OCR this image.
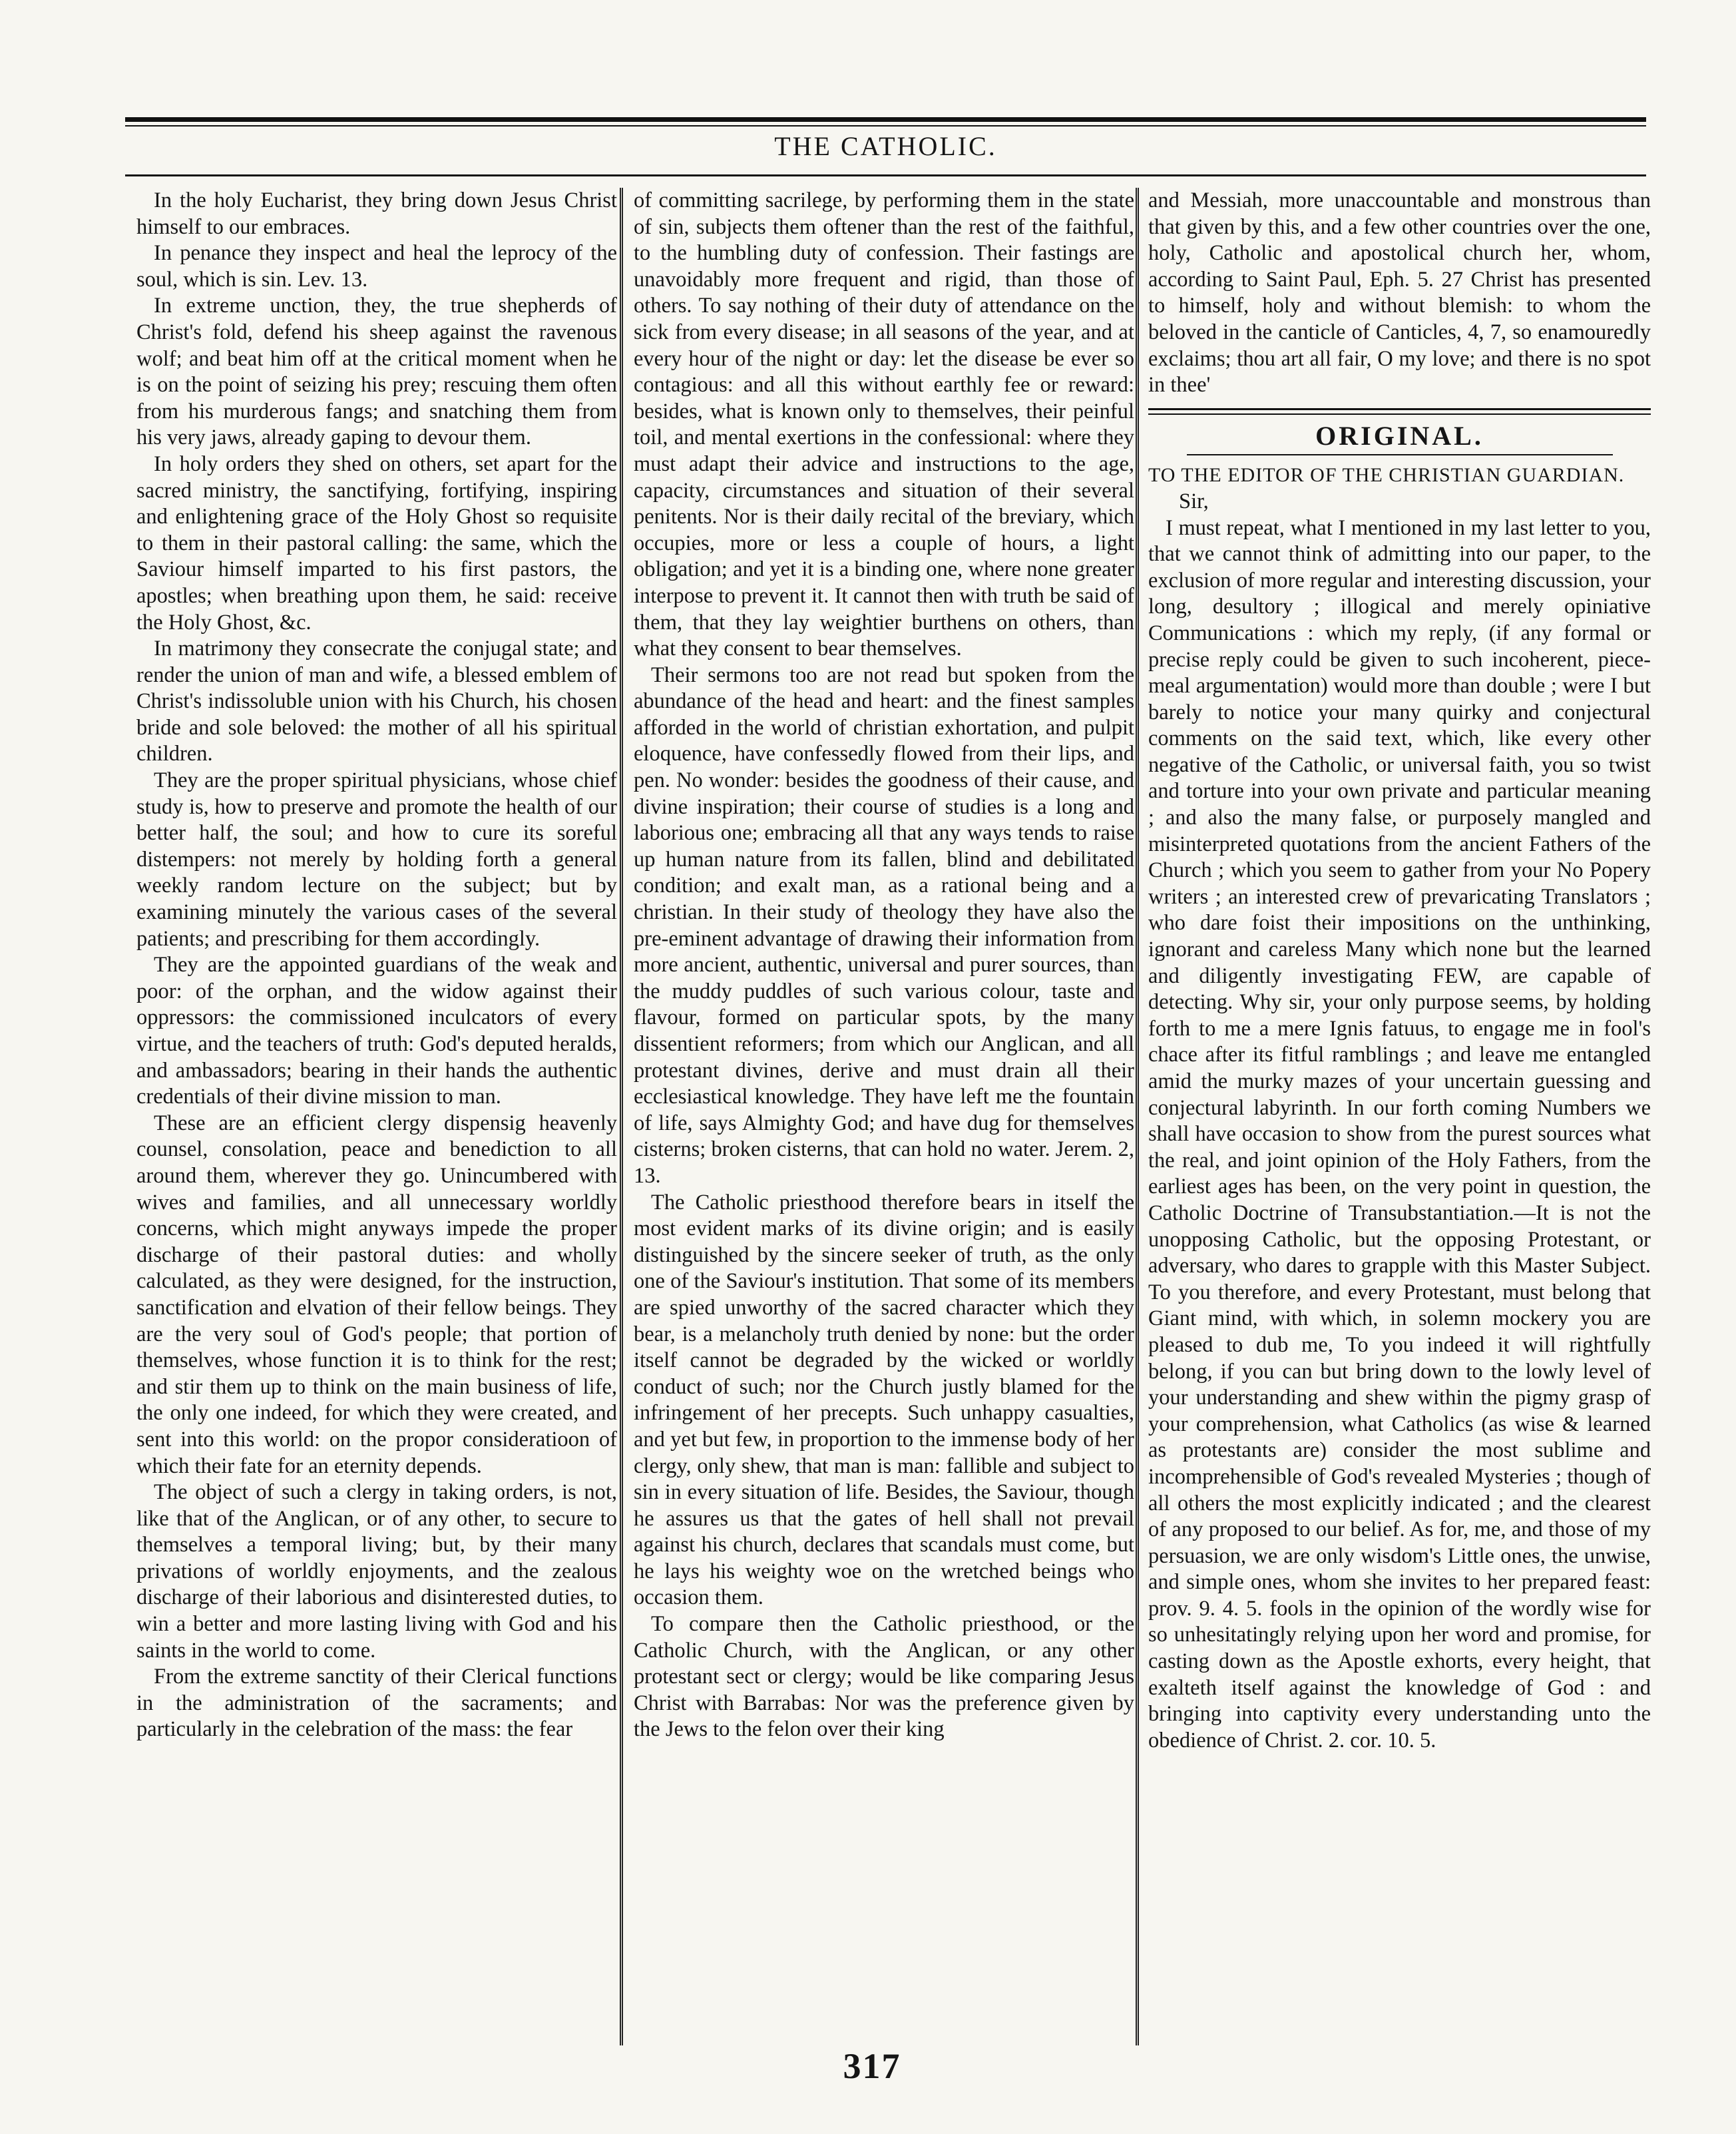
THE CATHOLIC.

In the holy Eucharist, they bring down Jesus Christ himself to our embraces.

In penance they inspect and heal the leprocy of the soul, which is sin. Lev. 13.

In extreme unction, they, the true shepherds of Christ's fold, defend his sheep against the ravenous wolf; and beat him off at the critical moment when he is on the point of seizing his prey; rescuing them often from his murderous fangs; and snatching them from his very jaws, already gaping to devour them.

In holy orders they shed on others, set apart for the sacred ministry, the sanctifying, fortifying, inspiring and enlightening grace of the Holy Ghost so requisite to them in their pastoral calling: the same, which the Saviour himself imparted to his first pastors, the apostles; when breathing upon them, he said: receive the Holy Ghost, &c.

In matrimony they consecrate the conjugal state; and render the union of man and wife, a blessed emblem of Christ's indissoluble union with his Church, his chosen bride and sole beloved: the mother of all his spiritual children.

They are the proper spiritual physicians, whose chief study is, how to preserve and promote the health of our better half, the soul; and how to cure its soreful distempers: not merely by holding forth a general weekly random lecture on the subject; but by examining minutely the various cases of the several patients; and prescribing for them accordingly.

They are the appointed guardians of the weak and poor: of the orphan, and the widow against their oppressors: the commissioned inculcators of every virtue, and the teachers of truth: God's deputed heralds, and ambassadors; bearing in their hands the authentic credentials of their divine mission to man.

These are an efficient clergy dispensig heavenly counsel, consolation, peace and benediction to all around them, wherever they go. Unincumbered with wives and families, and all unnecessary worldly concerns, which might anyways impede the proper discharge of their pastoral duties: and wholly calculated, as they were designed, for the instruction, sanctification and elvation of their fellow beings. They are the very soul of God's people; that portion of themselves, whose function it is to think for the rest; and stir them up to think on the main business of life, the only one indeed, for which they were created, and sent into this world: on the propor consideratioon of which their fate for an eternity depends.

The object of such a clergy in taking orders, is not, like that of the Anglican, or of any other, to secure to themselves a temporal living; but, by their many privations of worldly enjoyments, and the zealous discharge of their laborious and disinterested duties, to win a better and more lasting living with God and his saints in the world to come.

From the extreme sanctity of their Clerical functions in the administration of the sacraments; and particularly in the celebration of the mass: the fear

of committing sacrilege, by performing them in the state of sin, subjects them oftener than the rest of the faithful, to the humbling duty of confession. Their fastings are unavoidably more frequent and rigid, than those of others. To say nothing of their duty of attendance on the sick from every disease; in all seasons of the year, and at every hour of the night or day: let the disease be ever so contagious: and all this without earthly fee or reward: besides, what is known only to themselves, their peinful toil, and mental exertions in the confessional: where they must adapt their advice and instructions to the age, capacity, circumstances and situation of their several penitents. Nor is their daily recital of the breviary, which occupies, more or less a couple of hours, a light obligation; and yet it is a binding one, where none greater interpose to prevent it. It cannot then with truth be said of them, that they lay weightier burthens on others, than what they consent to bear themselves.

Their sermons too are not read but spoken from the abundance of the head and heart: and the finest samples afforded in the world of christian exhortation, and pulpit eloquence, have confessedly flowed from their lips, and pen. No wonder: besides the goodness of their cause, and divine inspiration; their course of studies is a long and laborious one; embracing all that any ways tends to raise up human nature from its fallen, blind and debilitated condition; and exalt man, as a rational being and a christian. In their study of theology they have also the pre-eminent advantage of drawing their information from more ancient, authentic, universal and purer sources, than the muddy puddles of such various colour, taste and flavour, formed on particular spots, by the many dissentient reformers; from which our Anglican, and all protestant divines, derive and must drain all their ecclesiastical knowledge. They have left me the fountain of life, says Almighty God; and have dug for themselves cisterns; broken cisterns, that can hold no water. Jerem. 2, 13.

The Catholic priesthood therefore bears in itself the most evident marks of its divine origin; and is easily distinguished by the sincere seeker of truth, as the only one of the Saviour's institution. That some of its members are spied unworthy of the sacred character which they bear, is a melancholy truth denied by none: but the order itself cannot be degraded by the wicked or worldly conduct of such; nor the Church justly blamed for the infringement of her precepts. Such unhappy casualties, and yet but few, in proportion to the immense body of her clergy, only shew, that man is man: fallible and subject to sin in every situation of life. Besides, the Saviour, though he assures us that the gates of hell shall not prevail against his church, declares that scandals must come, but he lays his weighty woe on the wretched beings who occasion them.

To compare then the Catholic priesthood, or the Catholic Church, with the Anglican, or any other protestant sect or clergy; would be like comparing Jesus Christ with Barrabas: Nor was the preference given by the Jews to the felon over their king

and Messiah, more unaccountable and monstrous than that given by this, and a few other countries over the one, holy, Catholic and apostolical church her, whom, according to Saint Paul, Eph. 5. 27 Christ has presented to himself, holy and without blemish: to whom the beloved in the canticle of Canticles, 4, 7, so enamouredly exclaims; thou art all fair, O my love; and there is no spot in thee'

ORIGINAL.

TO THE EDITOR OF THE CHRISTIAN GUARDIAN.

Sir,

I must repeat, what I mentioned in my last letter to you, that we cannot think of admitting into our paper, to the exclusion of more regular and interesting discussion, your long, desultory ; illogical and merely opiniative Communications : which my reply, (if any formal or precise reply could be given to such incoherent, piece-meal argumentation) would more than double ; were I but barely to notice your many quirky and conjectural comments on the said text, which, like every other negative of the Catholic, or universal faith, you so twist and torture into your own private and particular meaning ; and also the many false, or purposely mangled and misinterpreted quotations from the ancient Fathers of the Church ; which you seem to gather from your No Popery writers ; an interested crew of prevaricating Translators ; who dare foist their impositions on the unthinking, ignorant and careless Many which none but the learned and diligently investigating FEW, are capable of detecting. Why sir, your only purpose seems, by holding forth to me a mere Ignis fatuus, to engage me in fool's chace after its fitful ramblings ; and leave me entangled amid the murky mazes of your uncertain guessing and conjectural labyrinth. In our forth coming Numbers we shall have occasion to show from the purest sources what the real, and joint opinion of the Holy Fathers, from the earliest ages has been, on the very point in question, the Catholic Doctrine of Transubstantiation.—It is not the unopposing Catholic, but the opposing Protestant, or adversary, who dares to grapple with this Master Subject. To you therefore, and every Protestant, must belong that Giant mind, with which, in solemn mockery you are pleased to dub me, To you indeed it will rightfully belong, if you can but bring down to the lowly level of your understanding and shew within the pigmy grasp of your comprehension, what Catholics (as wise & learned as protestants are) consider the most sublime and incomprehensible of God's revealed Mysteries ; though of all others the most explicitly indicated ; and the clearest of any proposed to our belief. As for, me, and those of my persuasion, we are only wisdom's Little ones, the unwise, and simple ones, whom she invites to her prepared feast: prov. 9. 4. 5. fools in the opinion of the wordly wise for so unhesitatingly relying upon her word and promise, for casting down as the Apostle exhorts, every height, that exalteth itself against the knowledge of God : and bringing into captivity every understanding unto the obedience of Christ. 2. cor. 10. 5.

317
